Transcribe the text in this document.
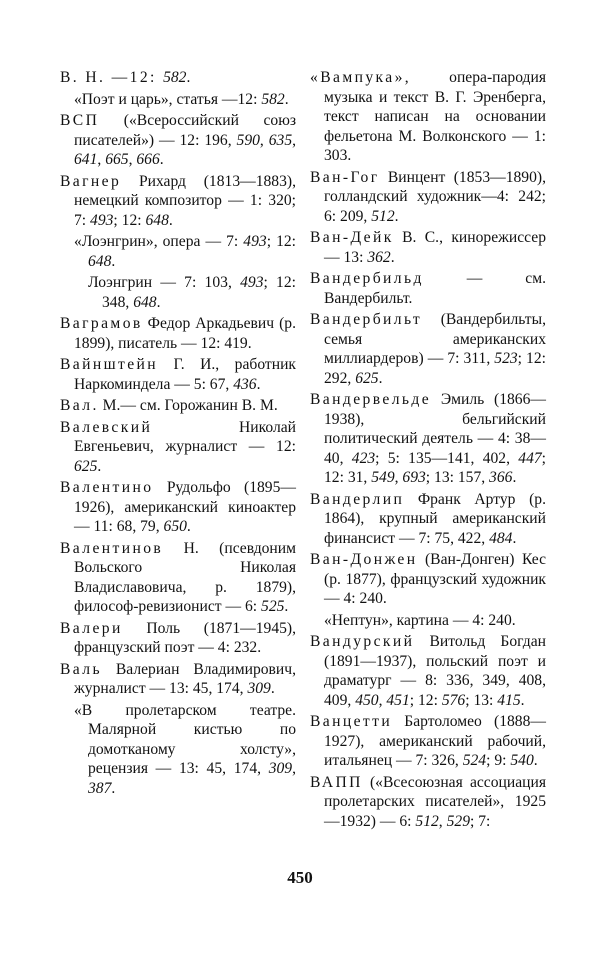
В. Н. —12: 582.
«Поэт и царь», статья —12: 582.
ВСП («Всероссийский союз писателей») — 12: 196, 590, 635, 641, 665, 666.
Вагнер Рихард (1813—1883), немецкий композитор — 1: 320; 7: 493; 12: 648.
«Лоэнгрин», опера — 7: 493; 12: 648.
Лоэнгрин — 7: 103, 493; 12: 348, 648.
Ваграмов Федор Аркадьевич (р. 1899), писатель — 12: 419.
Вайнштейн Г. И., работник Наркоминдела — 5: 67, 436.
Вал. М.— см. Горожанин В. М.
Валевский Николай Евгеньевич, журналист — 12: 625.
Валентино Рудольфо (1895—1926), американский киноактер — 11: 68, 79, 650.
Валентинов Н. (псевдоним Вольского Николая Владиславовича, р. 1879), философ-ревизионист — 6: 525.
Валери Поль (1871—1945), французский поэт — 4: 232.
Валь Валериан Владимирович, журналист — 13: 45, 174, 309.
«В пролетарском театре. Малярной кистью по домотканому холсту», рецензия — 13: 45, 174, 309, 387.
«Вампука», опера-пародия музыка и текст В. Г. Эренберга, текст написан на основании фельетона М. Волконского — 1: 303.
Ван-Гог Винцент (1853—1890), голландский художник—4: 242; 6: 209, 512.
Ван-Дейк В. С., кинорежиссер — 13: 362.
Вандербильд — см. Вандербильт.
Вандербильт (Вандербильты, семья американских миллиардеров) — 7: 311, 523; 12: 292, 625.
Вандервельде Эмиль (1866—1938), бельгийский политический деятель — 4: 38—40, 423; 5: 135—141, 402, 447; 12: 31, 549, 693; 13: 157, 366.
Вандерлип Франк Артур (р. 1864), крупный американский финансист — 7: 75, 422, 484.
Ван-Донжен (Ван-Донген) Кес (р. 1877), французский художник — 4: 240.
«Нептун», картина — 4: 240.
Вандурский Витольд Богдан (1891—1937), польский поэт и драматург — 8: 336, 349, 408, 409, 450, 451; 12: 576; 13: 415.
Ванцетти Бартоломео (1888—1927), американский рабочий, итальянец — 7: 326, 524; 9: 540.
ВАПП («Всесоюзная ассоциация пролетарских писателей», 1925—1932) — 6: 512, 529; 7:
450
